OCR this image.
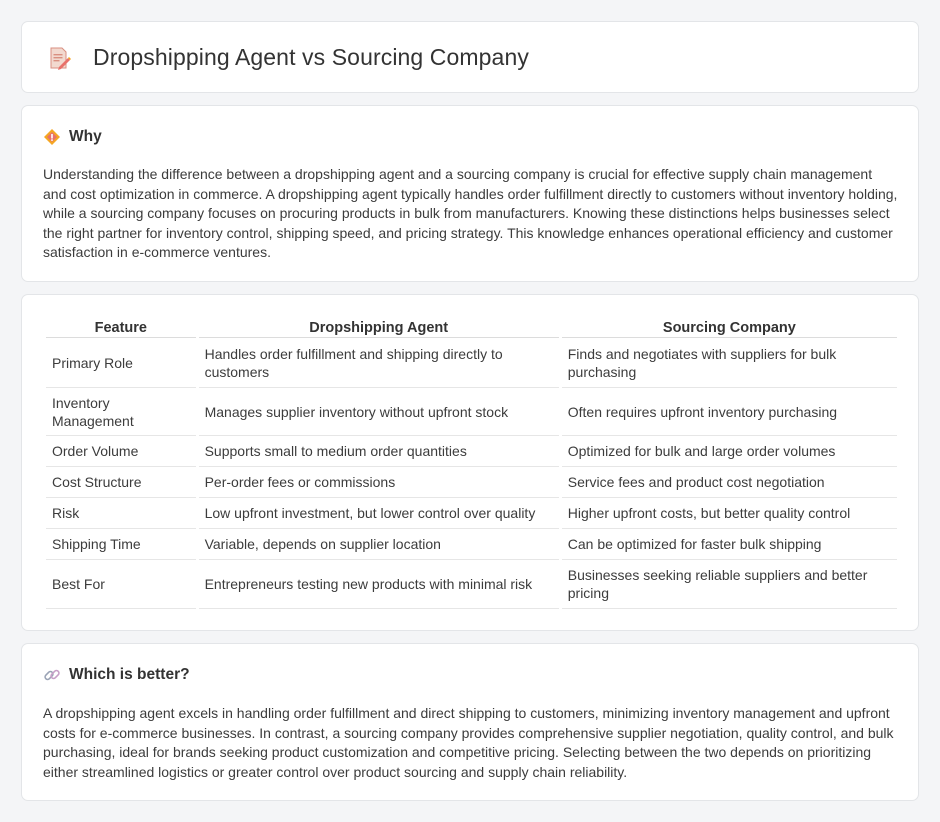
Dropshipping Agent vs Sourcing Company
Why

Understanding the difference between a dropshipping agent and a sourcing company is crucial for effective supply chain management and cost optimization in commerce. A dropshipping agent typically handles order fulfillment directly to customers without inventory holding, while a sourcing company focuses on procuring products in bulk from manufacturers. Knowing these distinctions helps businesses select the right partner for inventory control, shipping speed, and pricing strategy. This knowledge enhances operational efficiency and customer satisfaction in e-commerce ventures.

Feature	Dropshipping Agent	Sourcing Company
Primary Role	Handles order fulfillment and shipping directly to customers	Finds and negotiates with suppliers for bulk purchasing
Inventory Management	Manages supplier inventory without upfront stock	Often requires upfront inventory purchasing
Order Volume	Supports small to medium order quantities	Optimized for bulk and large order volumes
Cost Structure	Per-order fees or commissions	Service fees and product cost negotiation
Risk	Low upfront investment, but lower control over quality	Higher upfront costs, but better quality control
Shipping Time	Variable, depends on supplier location	Can be optimized for faster bulk shipping
Best For	Entrepreneurs testing new products with minimal risk	Businesses seeking reliable suppliers and better pricing
Which is better?

A dropshipping agent excels in handling order fulfillment and direct shipping to customers, minimizing inventory management and upfront costs for e-commerce businesses. In contrast, a sourcing company provides comprehensive supplier negotiation, quality control, and bulk purchasing, ideal for brands seeking product customization and competitive pricing. Selecting between the two depends on prioritizing either streamlined logistics or greater control over product sourcing and supply chain reliability.
